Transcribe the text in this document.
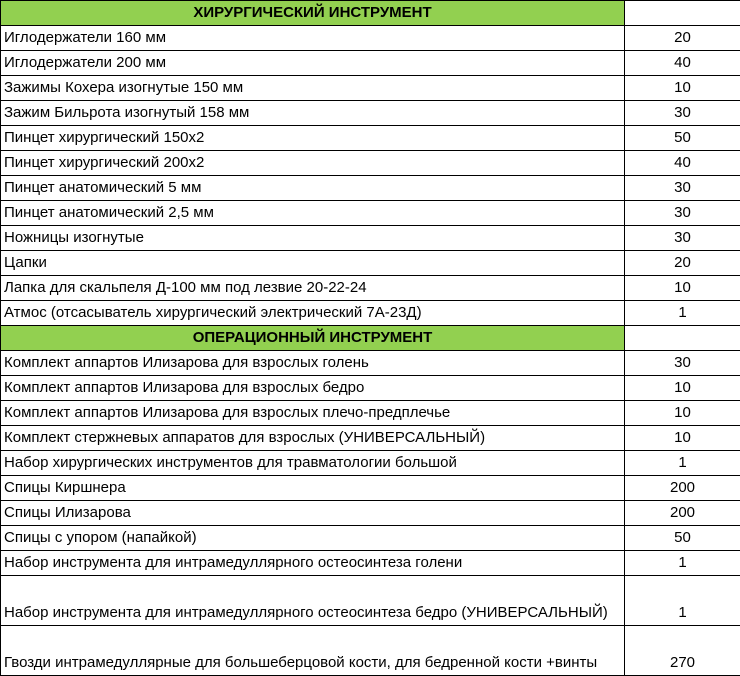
ХИРУРГИЧЕСКИЙ ИНСТРУМЕНТ	
Иглодержатели 160 мм	20
Иглодержатели 200 мм	40
Зажимы Кохера изогнутые 150 мм	10
Зажим Бильрота изогнутый 158 мм	30
Пинцет хирургический 150х2	50
Пинцет хирургический 200х2	40
Пинцет анатомический 5 мм	30
Пинцет анатомический 2,5 мм	30
Ножницы изогнутые	30
Цапки	20
Лапка для скальпеля Д-100 мм под лезвие 20-22-24	10
Атмос (отсасыватель хирургический электрический 7А-23Д)	1
ОПЕРАЦИОННЫЙ ИНСТРУМЕНТ	
Комплект аппартов Илизарова для взрослых голень	30
Комплект аппартов Илизарова для взрослых бедро	10
Комплект аппартов Илизарова для взрослых плечо-предплечье	10
Комплект стержневых аппаратов для взрослых (УНИВЕРСАЛЬНЫЙ)	10
Набор хирургических инструментов для травматологии большой	1
Спицы Киршнера	200
Спицы Илизарова	200
Спицы с упором (напайкой)	50
Набор инструмента для интрамедуллярного остеосинтеза голени	1
Набор инструмента для интрамедуллярного остеосинтеза бедро (УНИВЕРСАЛЬНЫЙ)	1
Гвозди интрамедуллярные для большеберцовой кости, для бедренной кости +винты	270
